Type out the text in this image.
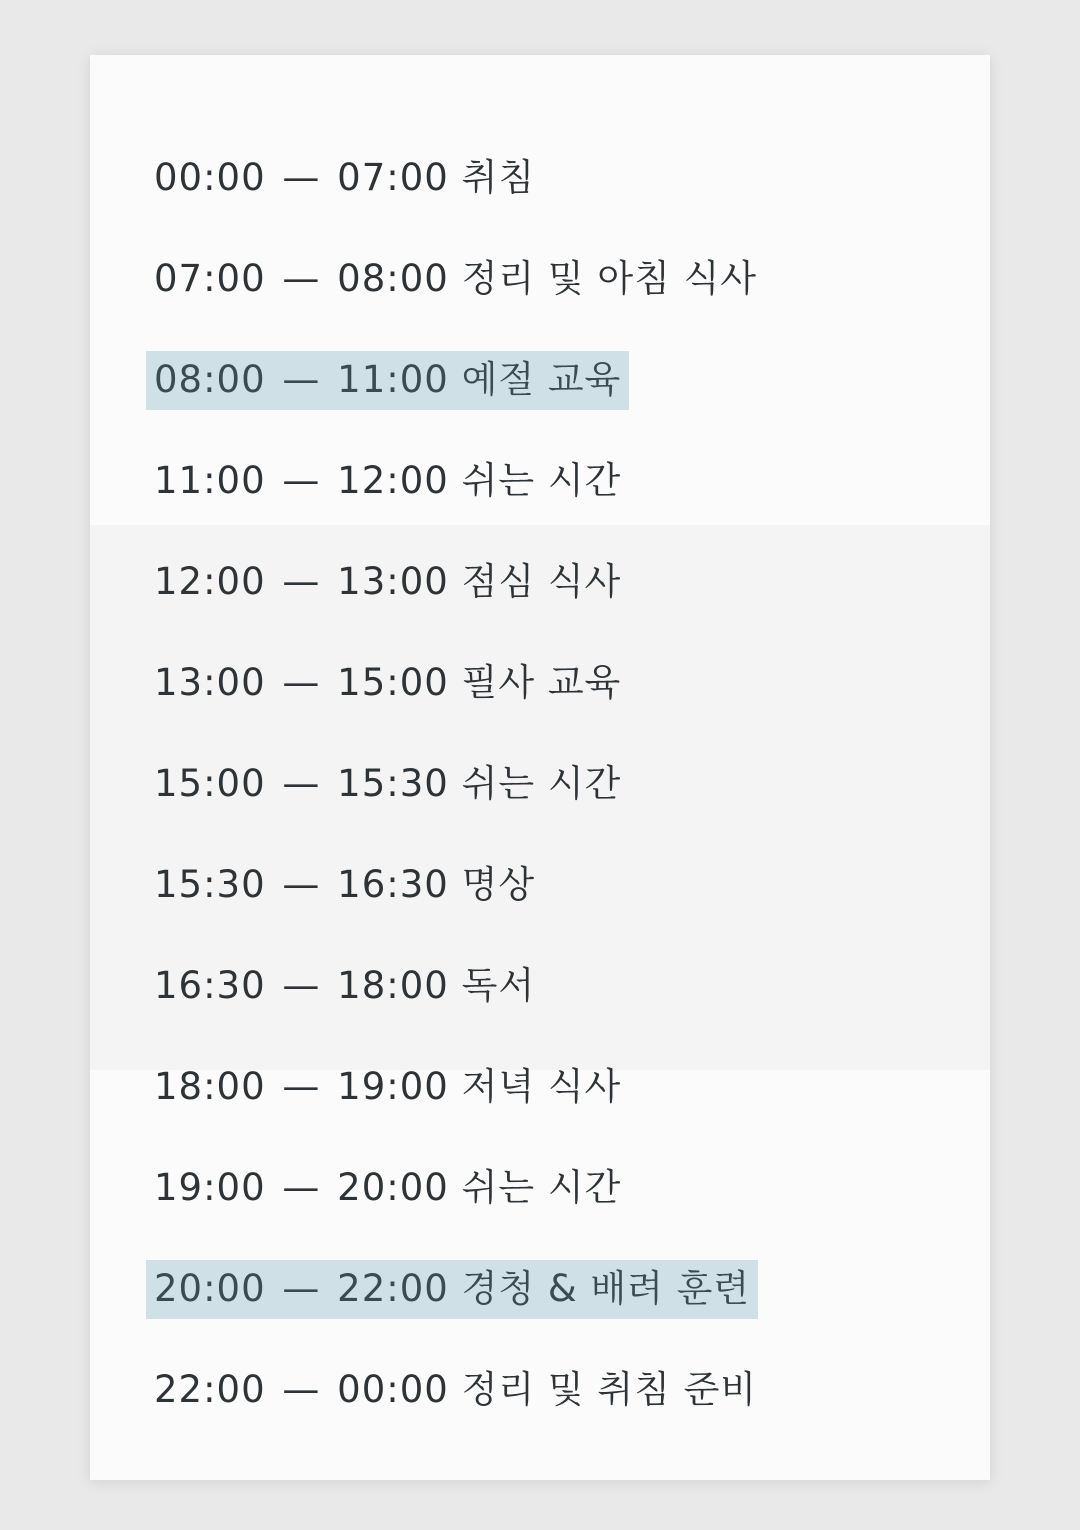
00:00 — 07:00 취침
07:00 — 08:00 정리 및 아침 식사
08:00 — 11:00 예절 교육
11:00 — 12:00 쉬는 시간
12:00 — 13:00 점심 식사
13:00 — 15:00 필사 교육
15:00 — 15:30 쉬는 시간
15:30 — 16:30 명상
16:30 — 18:00 독서
18:00 — 19:00 저녁 식사
19:00 — 20:00 쉬는 시간
20:00 — 22:00 경청 & 배려 훈련
22:00 — 00:00 정리 및 취침 준비
